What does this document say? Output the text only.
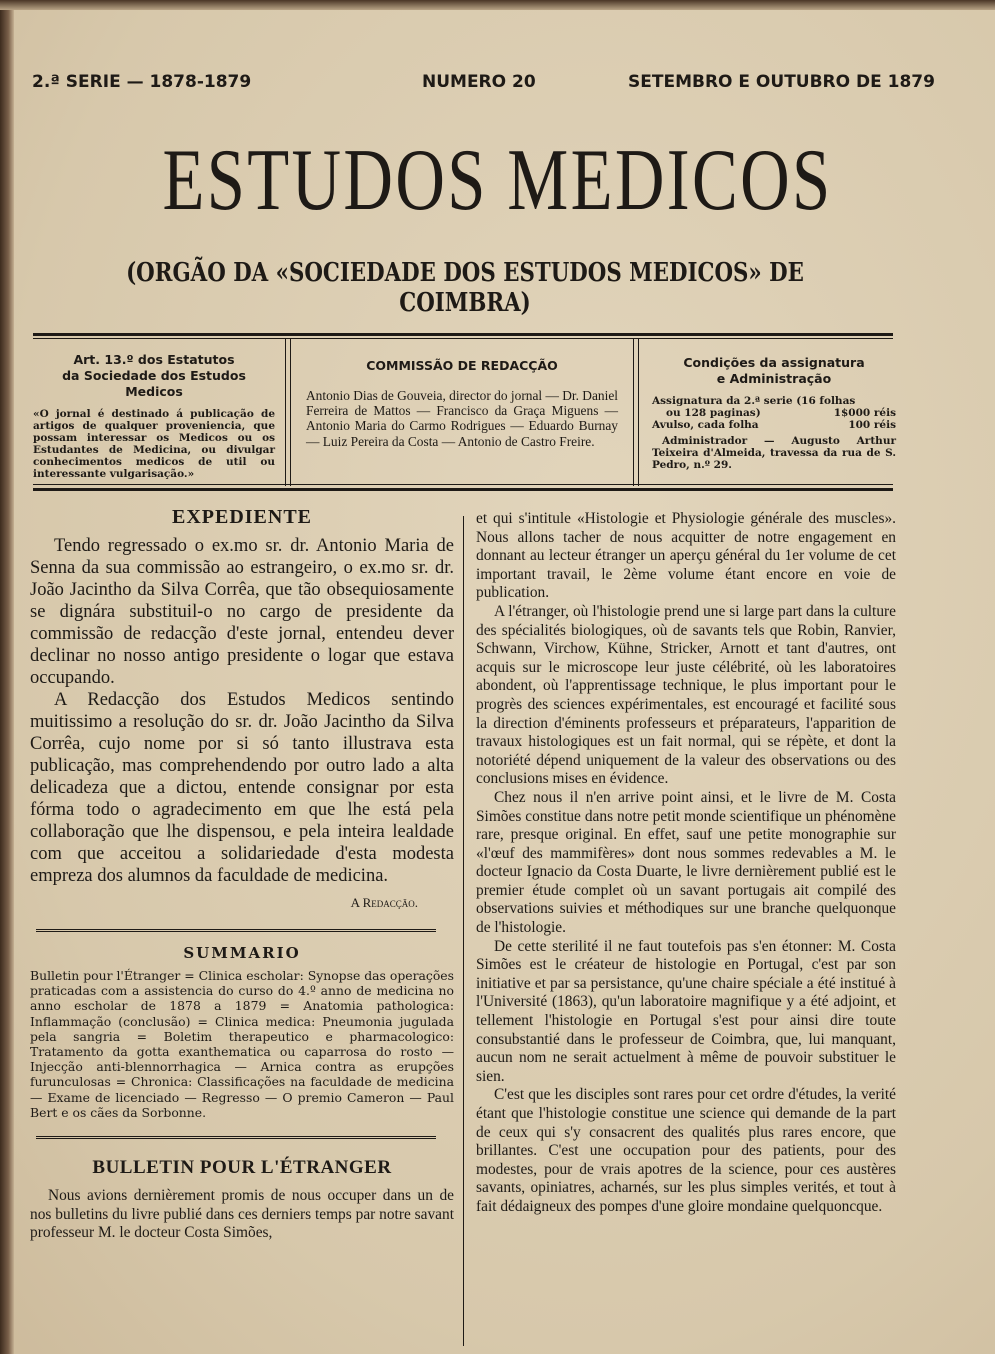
2.ª SERIE — 1878-1879	NUMERO 20	SETEMBRO E OUTUBRO DE 1879
ESTUDOS MEDICOS
(ORGÃO DA «SOCIEDADE DOS ESTUDOS MEDICOS» DE COIMBRA)
Art. 13.º dos Estatutos
da Sociedade dos Estudos Medicos
«O jornal é destinado á publicação de artigos de qualquer proveniencia, que possam interessar os Medicos ou os Estudantes de Medicina, ou divulgar conhecimentos medicos de util ou interessante vulgarisação.»
COMMISSÃO DE REDACÇÃO
Antonio Dias de Gouveia, director do jornal — Dr. Daniel Ferreira de Mattos — Francisco da Graça Miguens — Antonio Maria do Carmo Rodrigues — Eduardo Burnay — Luiz Pereira da Costa — Antonio de Castro Freire.
Condições da assignatura
e Administração
Assignatura da 2.ª serie (16 folhas
ou 128 paginas)	1$000 réis
Avulso, cada folha	100 réis
Administrador — Augusto Arthur Teixeira d'Almeida, travessa da rua de S. Pedro, n.º 29.
EXPEDIENTE

Tendo regressado o ex.mo sr. dr. Antonio Maria de Senna da sua commissão ao estrangeiro, o ex.mo sr. dr. João Jacintho da Silva Corrêa, que tão obsequiosamente se dignára substituil-o no cargo de presidente da commissão de redacção d'este jornal, entendeu dever declinar no nosso antigo presidente o logar que estava occupando.

A Redacção dos Estudos Medicos sentindo muitissimo a resolução do sr. dr. João Jacintho da Silva Corrêa, cujo nome por si só tanto illustrava esta publicação, mas comprehendendo por outro lado a alta delicadeza que a dictou, entende consignar por esta fórma todo o agradecimento em que lhe está pela collaboração que lhe dispensou, e pela inteira lealdade com que acceitou a solidariedade d'esta modesta empreza dos alumnos da faculdade de medicina.

A Redacção.
SUMMARIO

Bulletin pour l'Étranger = Clinica escholar: Synopse das operações praticadas com a assistencia do curso do 4.º anno de medicina no anno escholar de 1878 a 1879 = Anatomia pathologica: Inflammação (conclusão) = Clinica medica: Pneumonia jugulada pela sangria = Boletim therapeutico e pharmacologico: Tratamento da gotta exanthematica ou caparrosa do rosto — Injecção anti-blennorrhagica — Arnica contra as erupções furunculosas = Chronica: Classificações na faculdade de medicina — Exame de licenciado — Regresso — O premio Cameron — Paul Bert e os cães da Sorbonne.

BULLETIN POUR L'ÉTRANGER

Nous avions dernièrement promis de nous occuper dans un de nos bulletins du livre publié dans ces derniers temps par notre savant professeur M. le docteur Costa Simões,

et qui s'intitule «Histologie et Physiologie générale des muscles». Nous allons tacher de nous acquitter de notre engagement en donnant au lecteur étranger un aperçu général du 1er volume de cet important travail, le 2ème volume étant encore en voie de publication.

A l'étranger, où l'histologie prend une si large part dans la culture des spécialités biologiques, où de savants tels que Robin, Ranvier, Schwann, Virchow, Kühne, Stricker, Arnott et tant d'autres, ont acquis sur le microscope leur juste célébrité, où les laboratoires abondent, où l'apprentissage technique, le plus important pour le progrès des sciences expérimentales, est encouragé et facilité sous la direction d'éminents professeurs et préparateurs, l'apparition de travaux histologiques est un fait normal, qui se répète, et dont la notoriété dépend uniquement de la valeur des observations ou des conclusions mises en évidence.

Chez nous il n'en arrive point ainsi, et le livre de M. Costa Simões constitue dans notre petit monde scientifique un phénomène rare, presque original. En effet, sauf une petite monographie sur «l'œuf des mammifères» dont nous sommes redevables a M. le docteur Ignacio da Costa Duarte, le livre dernièrement publié est le premier étude complet où un savant portugais ait compilé des observations suivies et méthodiques sur une branche quelquonque de l'histologie.

De cette sterilité il ne faut toutefois pas s'en étonner: M. Costa Simões est le créateur de histologie en Portugal, c'est par son initiative et par sa persistance, qu'une chaire spéciale a été institué à l'Université (1863), qu'un laboratoire magnifique y a été adjoint, et tellement l'histologie en Portugal s'est pour ainsi dire toute consubstantié dans le professeur de Coimbra, que, lui manquant, aucun nom ne serait actuelment à même de pouvoir substituer le sien.

C'est que les disciples sont rares pour cet ordre d'études, la verité étant que l'histologie constitue une science qui demande de la part de ceux qui s'y consacrent des qualités plus rares encore, que brillantes. C'est une occupation pour des patients, pour des modestes, pour de vrais apotres de la science, pour ces austères savants, opiniatres, acharnés, sur les plus simples verités, et tout à fait dédaigneux des pompes d'une gloire mondaine quelquoncque.
